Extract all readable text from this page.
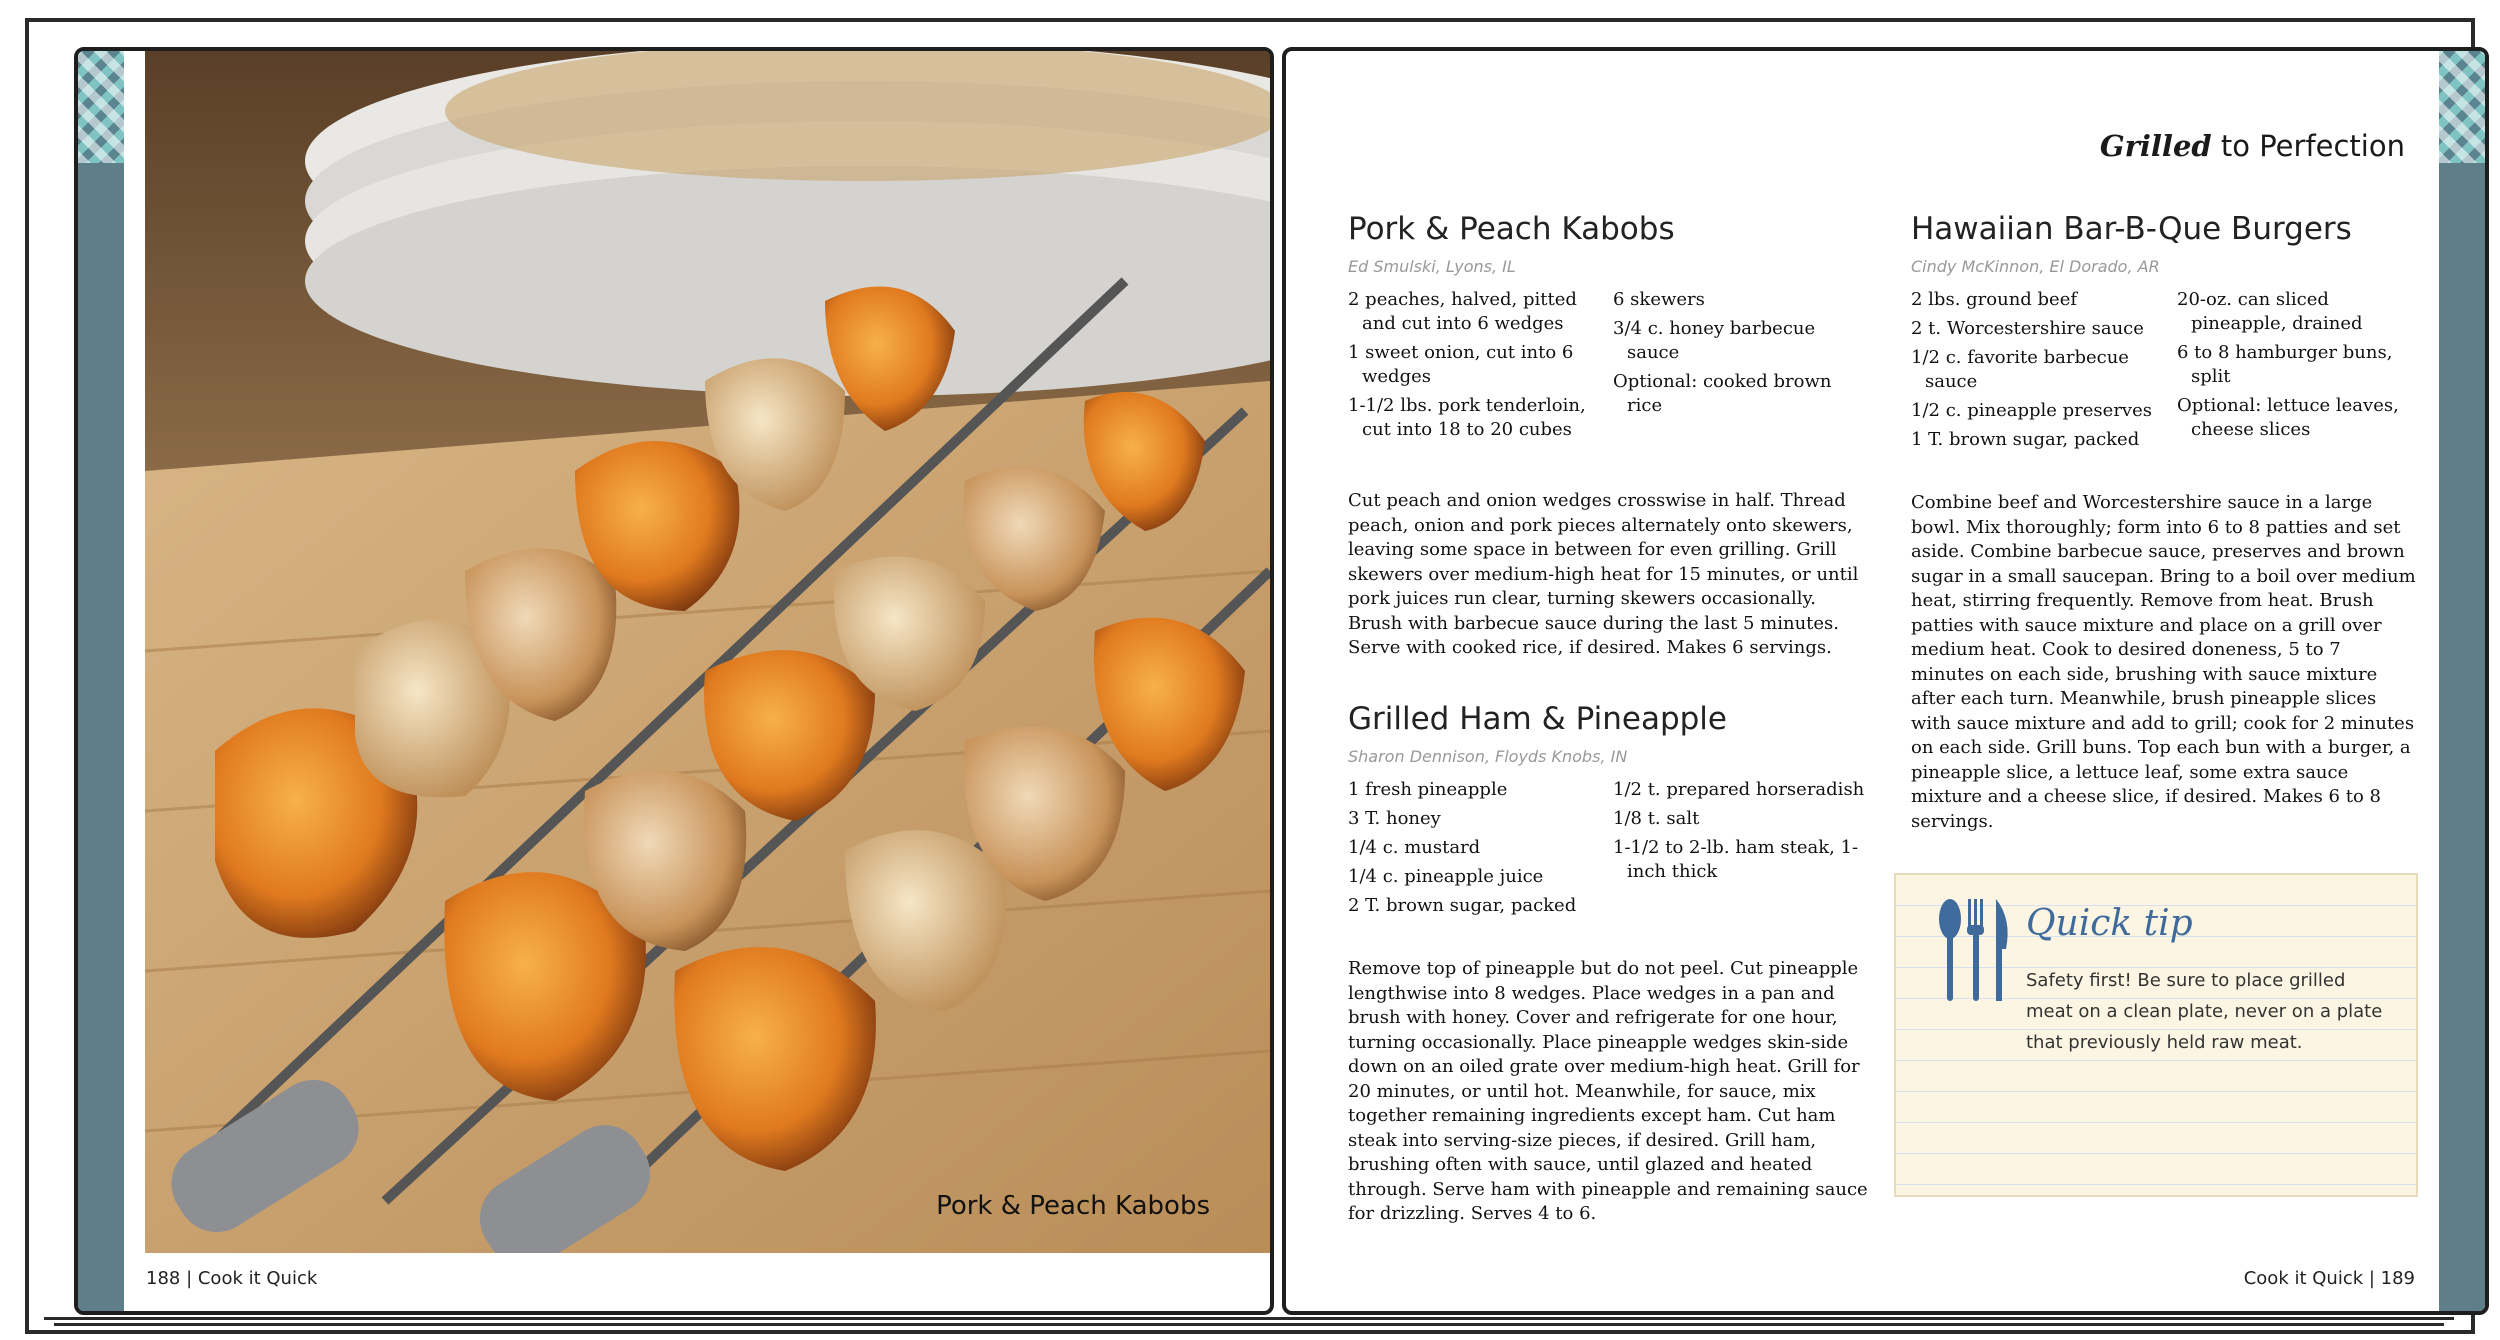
Pork & Peach Kabobs
188 | Cook it Quick
Grilled to Perfection
Pork & Peach Kabobs
Ed Smulski, Lyons, IL
2 peaches, halved, pitted and cut into 6 wedges
1 sweet onion, cut into 6 wedges
1-1/2 lbs. pork tenderloin, cut into 18 to 20 cubes
6 skewers
3/4 c. honey barbecue sauce
Optional: cooked brown rice
Cut peach and onion wedges crosswise in half. Thread peach, onion and pork pieces alternately onto skewers, leaving some space in between for even grilling. Grill skewers over medium-high heat for 15 minutes, or until pork juices run clear, turning skewers occasionally. Brush with barbecue sauce during the last 5 minutes. Serve with cooked rice, if desired. Makes 6 servings.
Grilled Ham & Pineapple
Sharon Dennison, Floyds Knobs, IN
1 fresh pineapple
3 T. honey
1/4 c. mustard
1/4 c. pineapple juice
2 T. brown sugar, packed
1/2 t. prepared horseradish
1/8 t. salt
1-1/2 to 2-lb. ham steak, 1-inch thick
Remove top of pineapple but do not peel. Cut pineapple lengthwise into 8 wedges. Place wedges in a pan and brush with honey. Cover and refrigerate for one hour, turning occasionally. Place pineapple wedges skin-side down on an oiled grate over medium-high heat. Grill for 20 minutes, or until hot. Meanwhile, for sauce, mix together remaining ingredients except ham. Cut ham steak into serving-size pieces, if desired. Grill ham, brushing often with sauce, until glazed and heated through. Serve ham with pineapple and remaining sauce for drizzling. Serves 4 to 6.
Hawaiian Bar-B-Que Burgers
Cindy McKinnon, El Dorado, AR
2 lbs. ground beef
2 t. Worcestershire sauce
1/2 c. favorite barbecue sauce
1/2 c. pineapple preserves
1 T. brown sugar, packed
20-oz. can sliced pineapple, drained
6 to 8 hamburger buns, split
Optional: lettuce leaves, cheese slices
Combine beef and Worcestershire sauce in a large bowl. Mix thoroughly; form into 6 to 8 patties and set aside. Combine barbecue sauce, preserves and brown sugar in a small saucepan. Bring to a boil over medium heat, stirring frequently. Remove from heat. Brush patties with sauce mixture and place on a grill over medium heat. Cook to desired doneness, 5 to 7 minutes on each side, brushing with sauce mixture after each turn. Meanwhile, brush pineapple slices with sauce mixture and add to grill; cook for 2 minutes on each side. Grill buns. Top each bun with a burger, a pineapple slice, a lettuce leaf, some extra sauce mixture and a cheese slice, if desired. Makes 6 to 8 servings.
Quick tip
Safety first! Be sure to place grilled meat on a clean plate, never on a plate that previously held raw meat.
Cook it Quick | 189
